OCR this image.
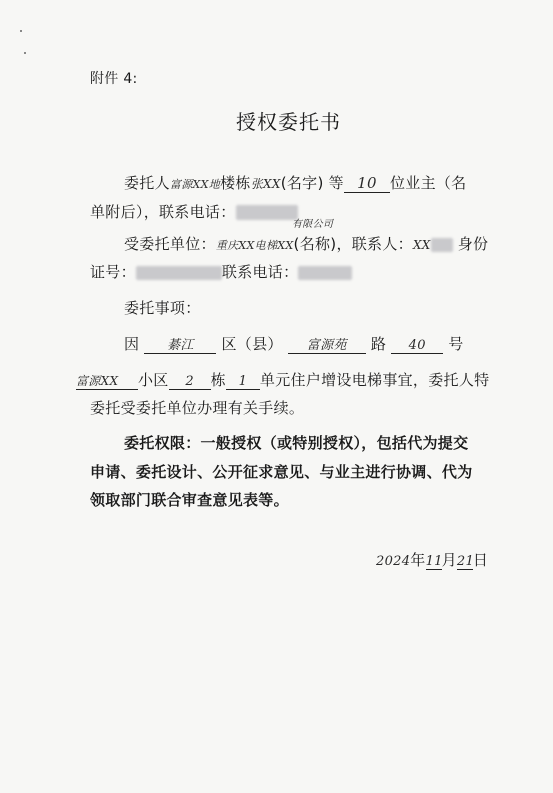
附件 4:
授权委托书
委托人富源XX地楼栋张XX(名字) 等 10 位业主（名
单附后），联系电话：
有限公司
受委托单位：重庆XX电梯XX(名称)，联系人：XX 身份
证号：	联系电话：
委托事项：
因 綦江 区（县） 富源苑 路 40 号
富源XX 小区 2 栋 1 单元住户增设电梯事宜，委托人特
委托受委托单位办理有关手续。
委托权限：一般授权（或特别授权），包括代为提交
申请、委托设计、公开征求意见、与业主进行协调、代为
领取部门联合审查意见表等。
2024年11月21日
